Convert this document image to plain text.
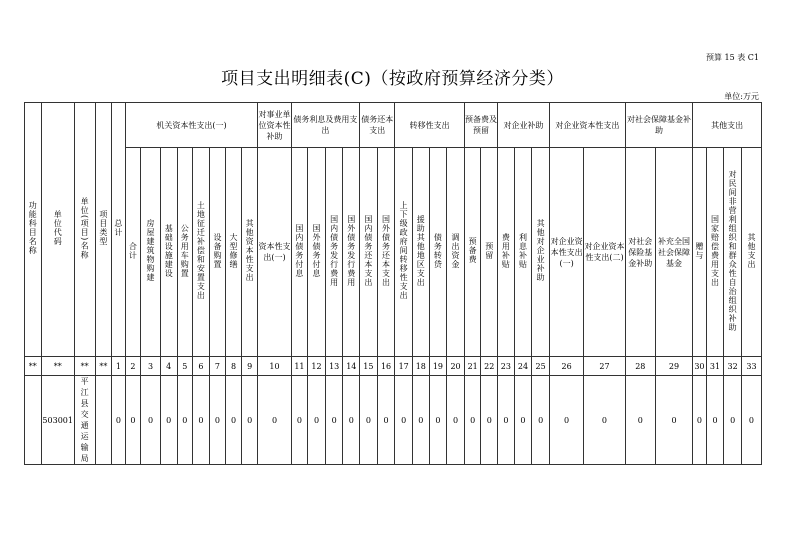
预算 15 表 C1
项目支出明细表(C)（按政府预算经济分类）
单位:万元
功能科目名称	单位代码	单位(项目)名称	项目类型	总计	机关资本性支出(一)								对事业单位资本性补助	债务利息及费用支出				债务还本支出		转移性支出				预备费及预留		对企业补助			对企业资本性支出		对社会保障基金补助		其他支出			
					合计	房屋建筑物购建	基础设施建设	公务用车购置	土地征迁补偿和安置支出	设备购置	大型修缮	其他资本性支出	资本性支出(一)	国内债务付息	国外债务付息	国内债务发行费用	国外债务发行费用	国内债务还本支出	国外债务还本支出	上下级政府间转移性支出	援助其他地区支出	债务转贷	调出资金	预备费	预留	费用补贴	利息补贴	其他对企业补助	对企业资本性支出(一)	对企业资本性支出(二)	对社会保险基金补助	补充全国社会保障基金	赠与	国家赔偿费用支出	对民间非营利组织和群众性自治组织补助	其他支出
**	**	**	**	1	2	3	4	5	6	7	8	9	10	11	12	13	14	15	16	17	18	19	20	21	22	23	24	25	26	27	28	29	30	31	32	33
	503001	平江县交通运输局		0	0	0	0	0	0	0	0	0	0	0	0	0	0	0	0	0	0	0	0	0	0	0	0	0	0	0	0	0	0	0	0	0
